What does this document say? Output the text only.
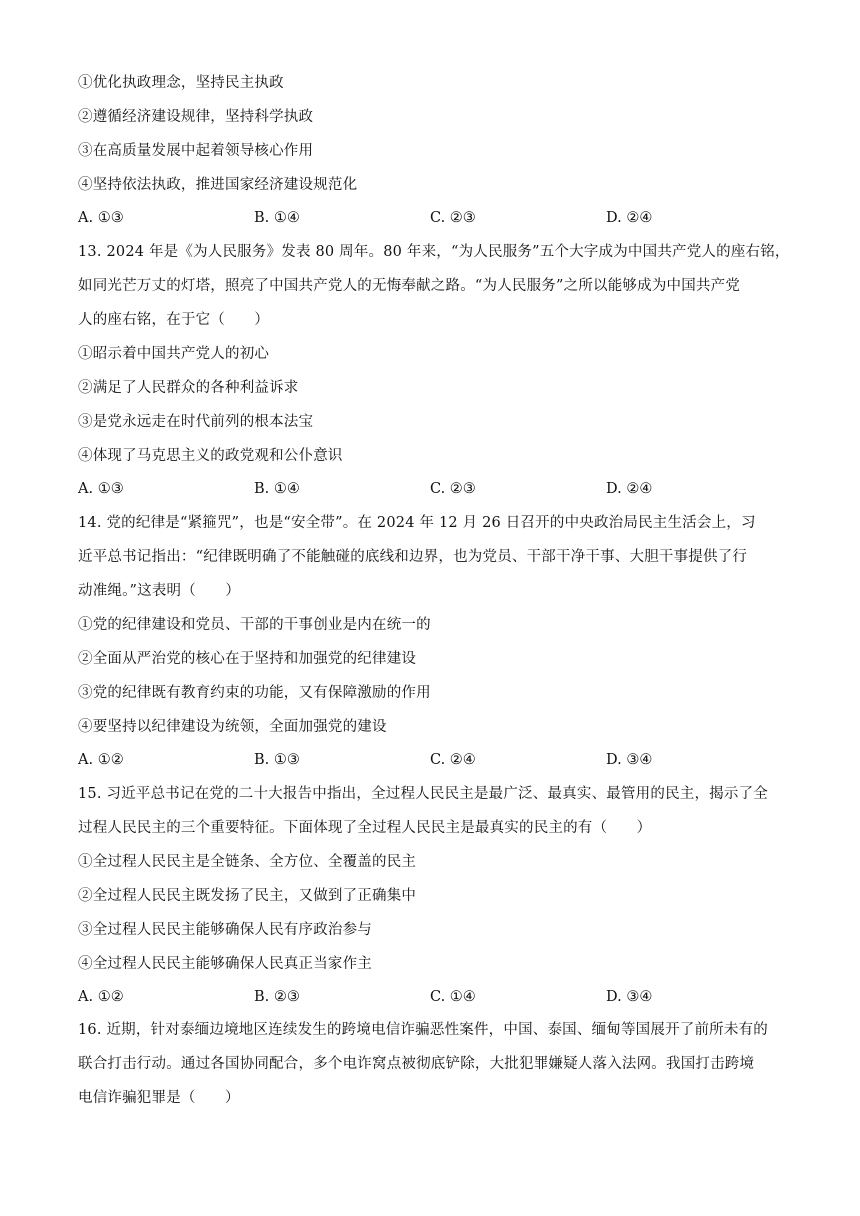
①优化执政理念，坚持民主执政
②遵循经济建设规律，坚持科学执政
③在高质量发展中起着领导核心作用
④坚持依法执政，推进国家经济建设规范化
A. ①③	B. ①④	C. ②③	D. ②④
13. 2024 年是《为人民服务》发表 80 周年。80 年来，“为人民服务”五个大字成为中国共产党人的座右铭，
如同光芒万丈的灯塔，照亮了中国共产党人的无悔奉献之路。“为人民服务”之所以能够成为中国共产党
人的座右铭，在于它（　　）
①昭示着中国共产党人的初心
②满足了人民群众的各种利益诉求
③是党永远走在时代前列的根本法宝
④体现了马克思主义的政党观和公仆意识
A. ①③	B. ①④	C. ②③	D. ②④
14. 党的纪律是“紧箍咒”，也是“安全带”。在 2024 年 12 月 26 日召开的中央政治局民主生活会上，习
近平总书记指出：“纪律既明确了不能触碰的底线和边界，也为党员、干部干净干事、大胆干事提供了行
动准绳。”这表明（　　）
①党的纪律建设和党员、干部的干事创业是内在统一的
②全面从严治党的核心在于坚持和加强党的纪律建设
③党的纪律既有教育约束的功能，又有保障激励的作用
④要坚持以纪律建设为统领，全面加强党的建设
A. ①②	B. ①③	C. ②④	D. ③④
15. 习近平总书记在党的二十大报告中指出，全过程人民民主是最广泛、最真实、最管用的民主，揭示了全
过程人民民主的三个重要特征。下面体现了全过程人民民主是最真实的民主的有（　　）
①全过程人民民主是全链条、全方位、全覆盖的民主
②全过程人民民主既发扬了民主，又做到了正确集中
③全过程人民民主能够确保人民有序政治参与
④全过程人民民主能够确保人民真正当家作主
A. ①②	B. ②③	C. ①④	D. ③④
16. 近期，针对泰缅边境地区连续发生的跨境电信诈骗恶性案件，中国、泰国、缅甸等国展开了前所未有的
联合打击行动。通过各国协同配合，多个电诈窝点被彻底铲除，大批犯罪嫌疑人落入法网。我国打击跨境
电信诈骗犯罪是（　　）
